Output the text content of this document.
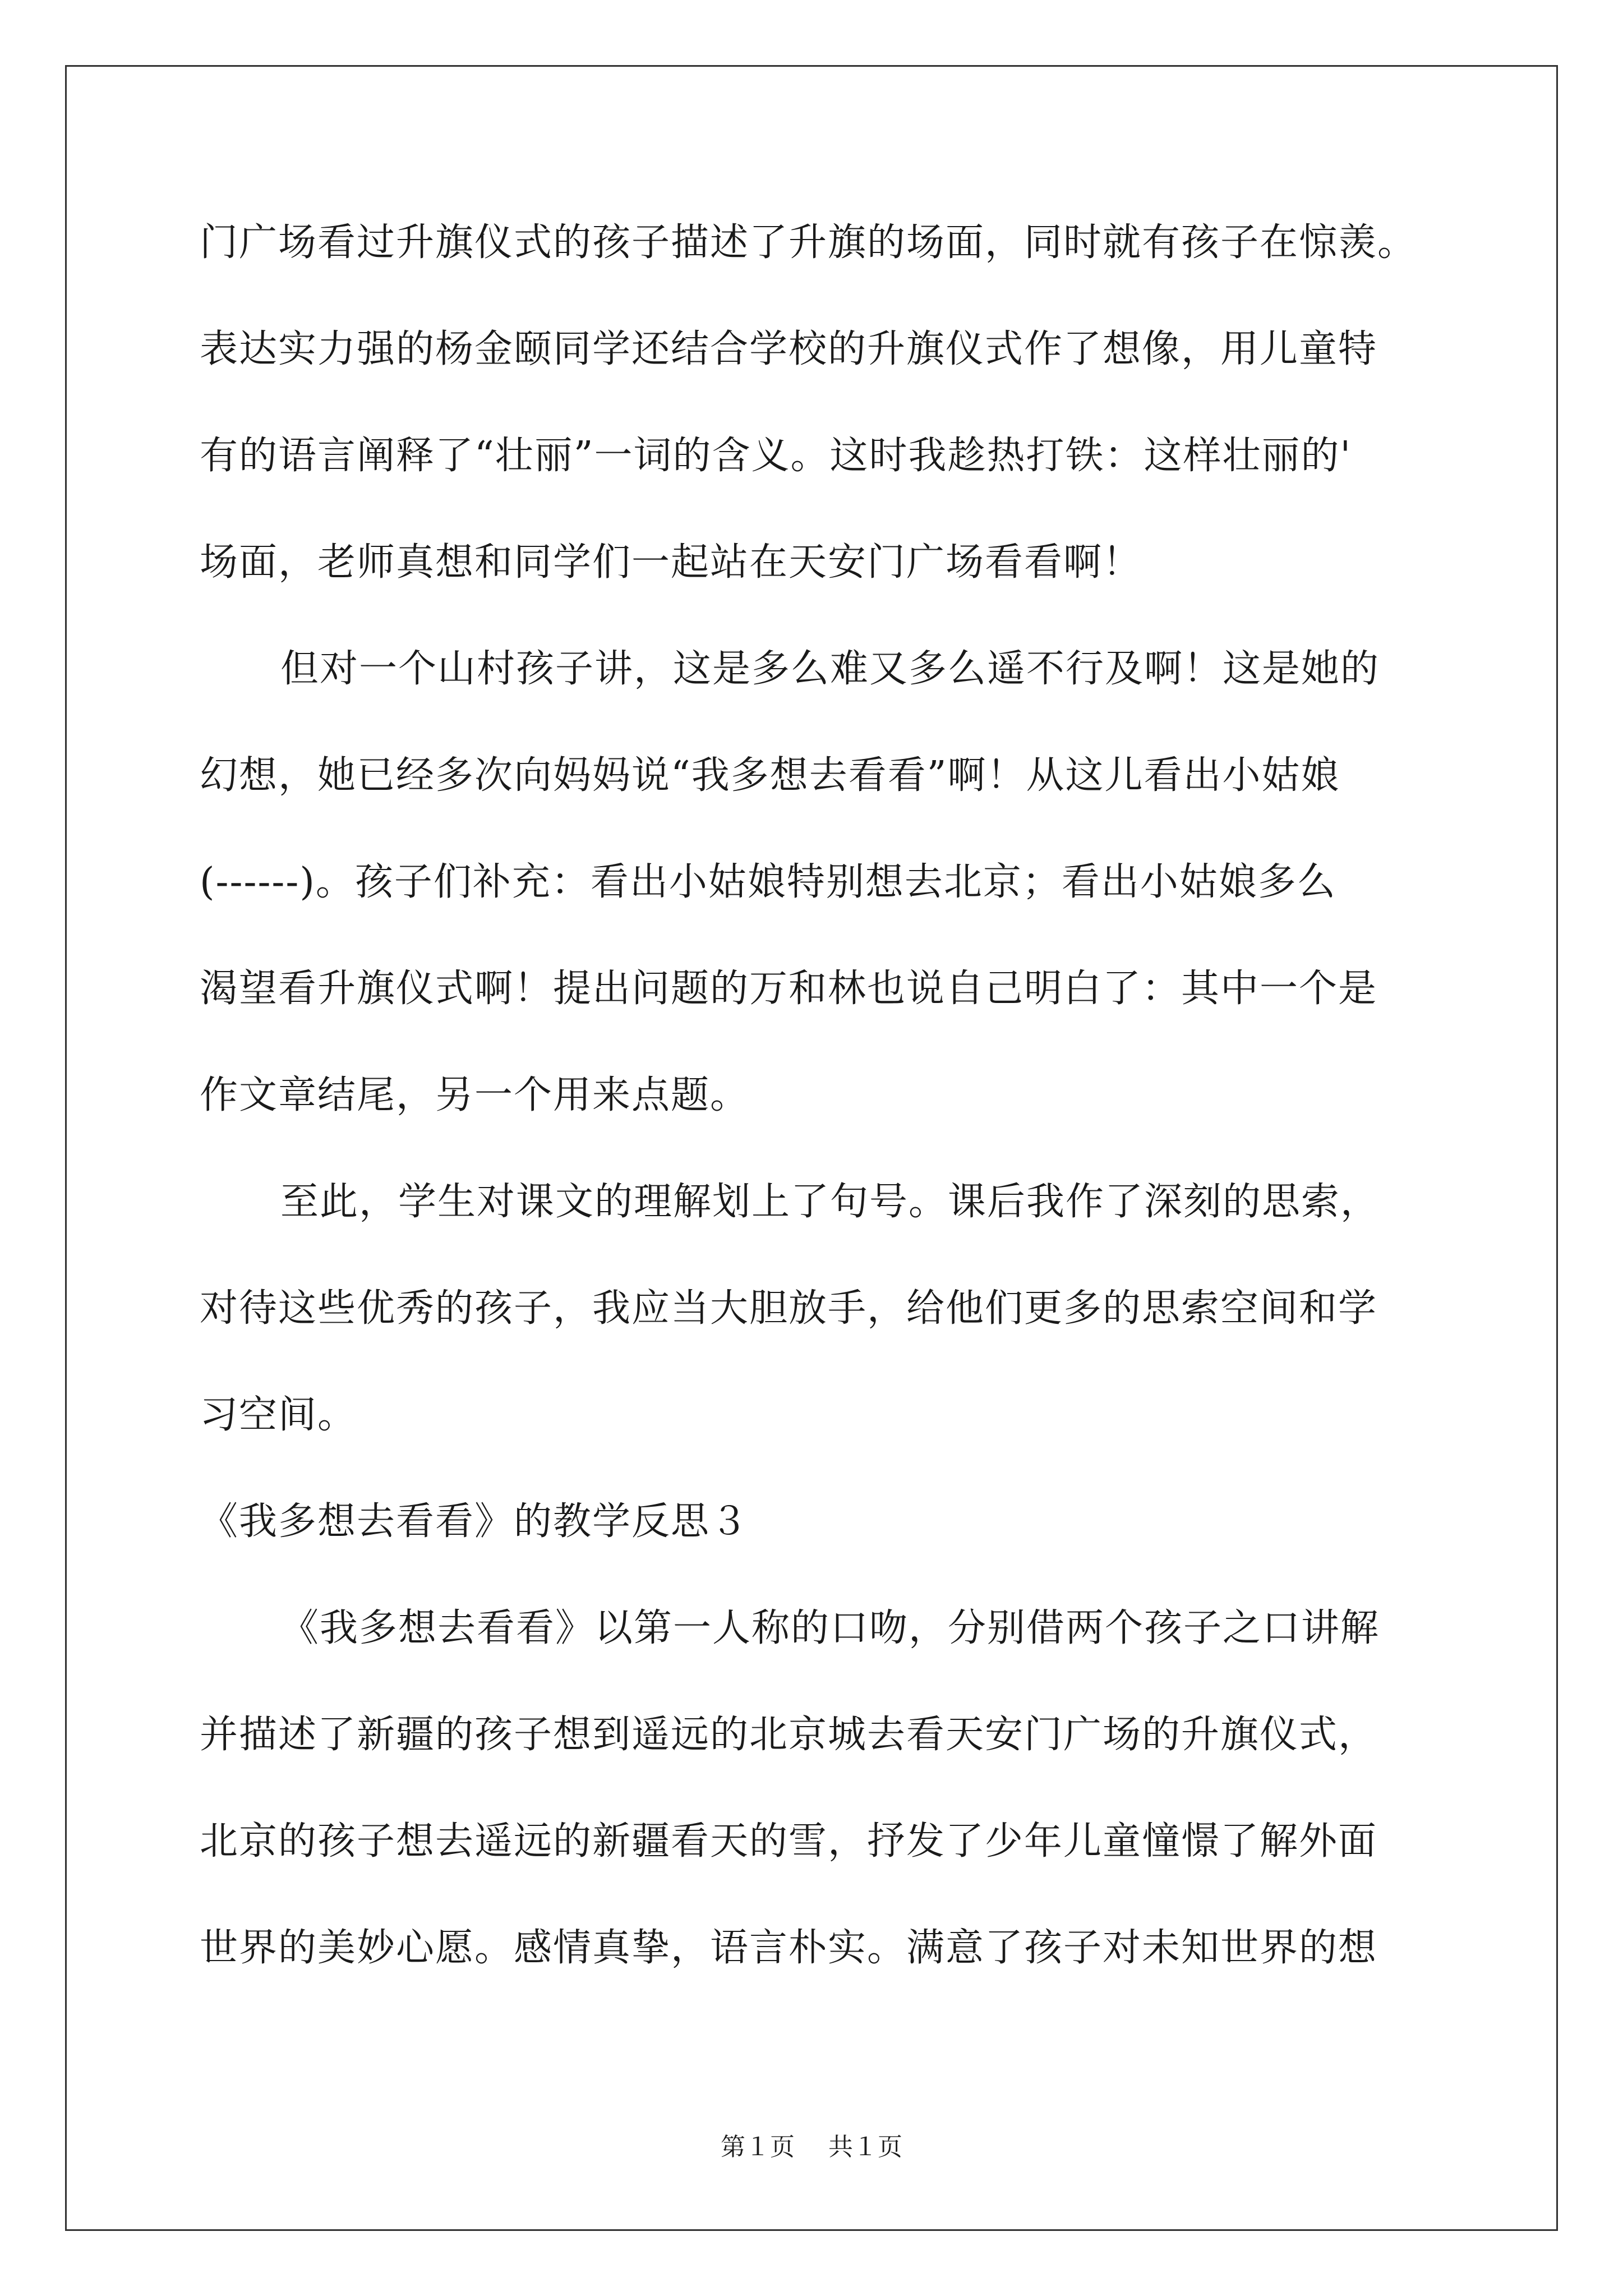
门广场看过升旗仪式的孩子描述了升旗的场面，同时就有孩子在惊羡。
表达实力强的杨金颐同学还结合学校的升旗仪式作了想像，用儿童特
有的语言阐释了“壮丽”一词的含义。这时我趁热打铁：这样壮丽的'
场面，老师真想和同学们一起站在天安门广场看看啊！
但对一个山村孩子讲，这是多么难又多么遥不行及啊！这是她的
幻想，她已经多次向妈妈说“我多想去看看”啊！从这儿看出小姑娘
(------)。孩子们补充：看出小姑娘特别想去北京；看出小姑娘多么
渴望看升旗仪式啊！提出问题的万和林也说自己明白了：其中一个是
作文章结尾，另一个用来点题。
至此，学生对课文的理解划上了句号。课后我作了深刻的思索，
对待这些优秀的孩子，我应当大胆放手，给他们更多的思索空间和学
习空间。
《我多想去看看》的教学反思３
《我多想去看看》以第一人称的口吻，分别借两个孩子之口讲解
并描述了新疆的孩子想到遥远的北京城去看天安门广场的升旗仪式，
北京的孩子想去遥远的新疆看天的雪，抒发了少年儿童憧憬了解外面
世界的美妙心愿。感情真挚，语言朴实。满意了孩子对未知世界的想
第１页 共１页
